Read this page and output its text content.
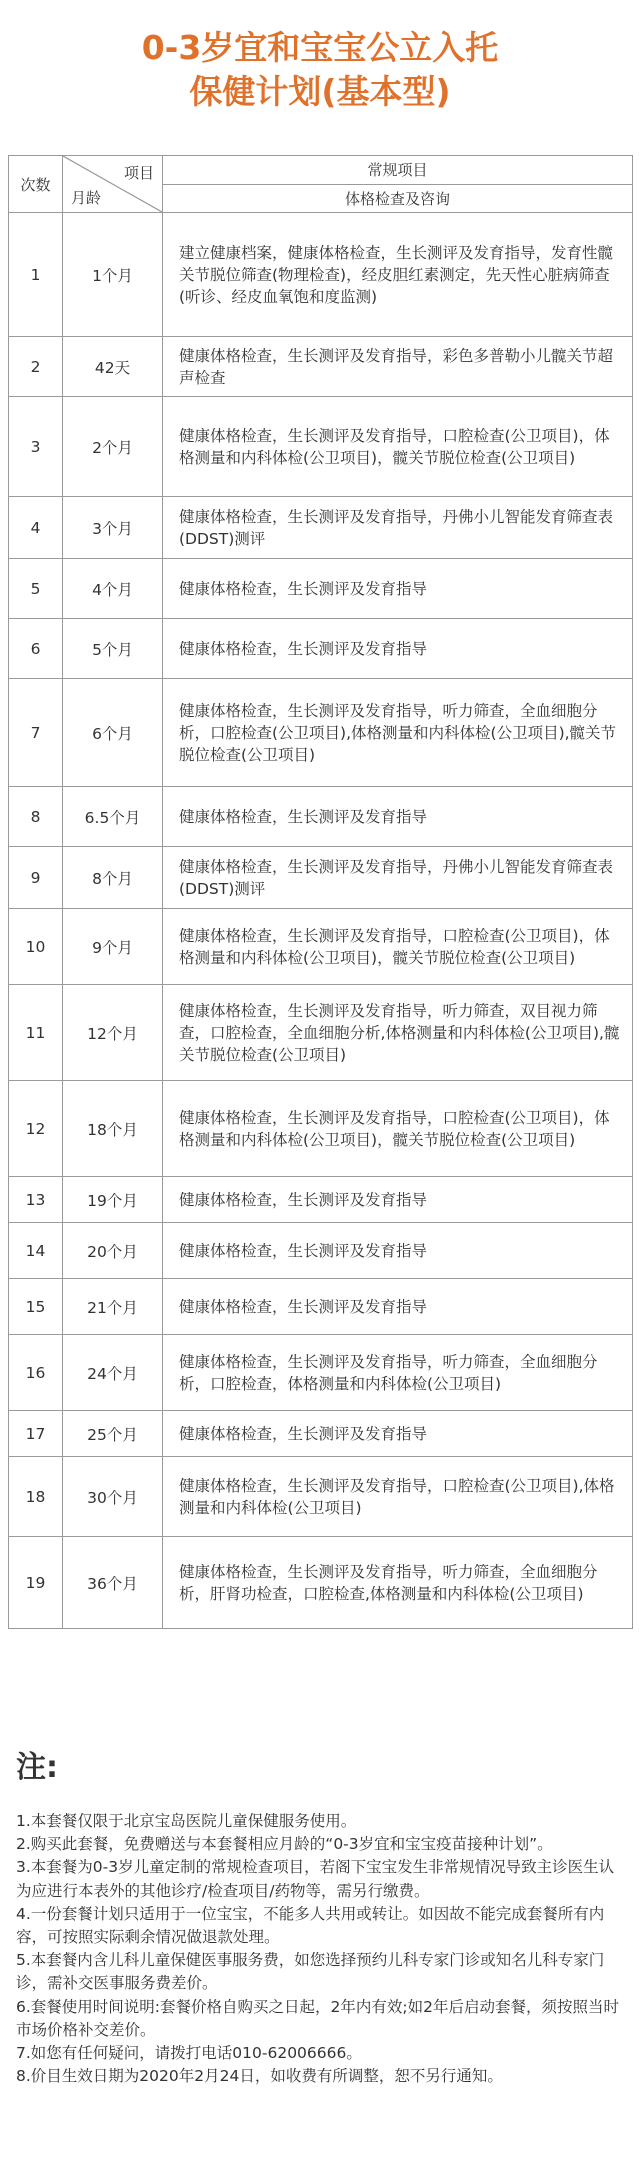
0-3岁宜和宝宝公立入托
保健计划(基本型)
次数	项目
月龄	常规项目
		体格检查及咨询
1	1个月	建立健康档案，健康体格检查，生长测评及发育指导，发育性髋关节脱位筛查(物理检查)，经皮胆红素测定，先天性心脏病筛查(听诊、经皮血氧饱和度监测)
2	42天	健康体格检查，生长测评及发育指导，彩色多普勒小儿髋关节超声检查
3	2个月	健康体格检查，生长测评及发育指导，口腔检查(公卫项目)，体格测量和内科体检(公卫项目)，髋关节脱位检查(公卫项目)
4	3个月	健康体格检查，生长测评及发育指导，丹佛小儿智能发育筛查表(DDST)测评
5	4个月	健康体格检查，生长测评及发育指导
6	5个月	健康体格检查，生长测评及发育指导
7	6个月	健康体格检查，生长测评及发育指导，听力筛查，全血细胞分析，口腔检查(公卫项目),体格测量和内科体检(公卫项目),髋关节脱位检查(公卫项目)
8	6.5个月	健康体格检查，生长测评及发育指导
9	8个月	健康体格检查，生长测评及发育指导，丹佛小儿智能发育筛查表(DDST)测评
10	9个月	健康体格检查，生长测评及发育指导，口腔检查(公卫项目)，体格测量和内科体检(公卫项目)，髋关节脱位检查(公卫项目)
11	12个月	健康体格检查，生长测评及发育指导，听力筛查，双目视力筛查，口腔检查，全血细胞分析,体格测量和内科体检(公卫项目),髋关节脱位检查(公卫项目)
12	18个月	健康体格检查，生长测评及发育指导，口腔检查(公卫项目)，体格测量和内科体检(公卫项目)，髋关节脱位检查(公卫项目)
13	19个月	健康体格检查，生长测评及发育指导
14	20个月	健康体格检查，生长测评及发育指导
15	21个月	健康体格检查，生长测评及发育指导
16	24个月	健康体格检查，生长测评及发育指导，听力筛查，全血细胞分析，口腔检查，体格测量和内科体检(公卫项目)
17	25个月	健康体格检查，生长测评及发育指导
18	30个月	健康体格检查，生长测评及发育指导，口腔检查(公卫项目),体格测量和内科体检(公卫项目)
19	36个月	健康体格检查，生长测评及发育指导，听力筛查，全血细胞分析，肝肾功检查，口腔检查,体格测量和内科体检(公卫项目)
注:

1.本套餐仅限于北京宝岛医院儿童保健服务使用。

2.购买此套餐，免费赠送与本套餐相应月龄的“0-3岁宜和宝宝疫苗接种计划”。

3.本套餐为0-3岁儿童定制的常规检查项目，若阁下宝宝发生非常规情况导致主诊医生认为应进行本表外的其他诊疗/检查项目/药物等，需另行缴费。

4.一份套餐计划只适用于一位宝宝，不能多人共用或转让。如因故不能完成套餐所有内容，可按照实际剩余情况做退款处理。

5.本套餐内含儿科儿童保健医事服务费，如您选择预约儿科专家门诊或知名儿科专家门诊，需补交医事服务费差价。

6.套餐使用时间说明:套餐价格自购买之日起，2年内有效;如2年后启动套餐，须按照当时市场价格补交差价。

7.如您有任何疑问，请拨打电话010-62006666。

8.价目生效日期为2020年2月24日，如收费有所调整，恕不另行通知。
